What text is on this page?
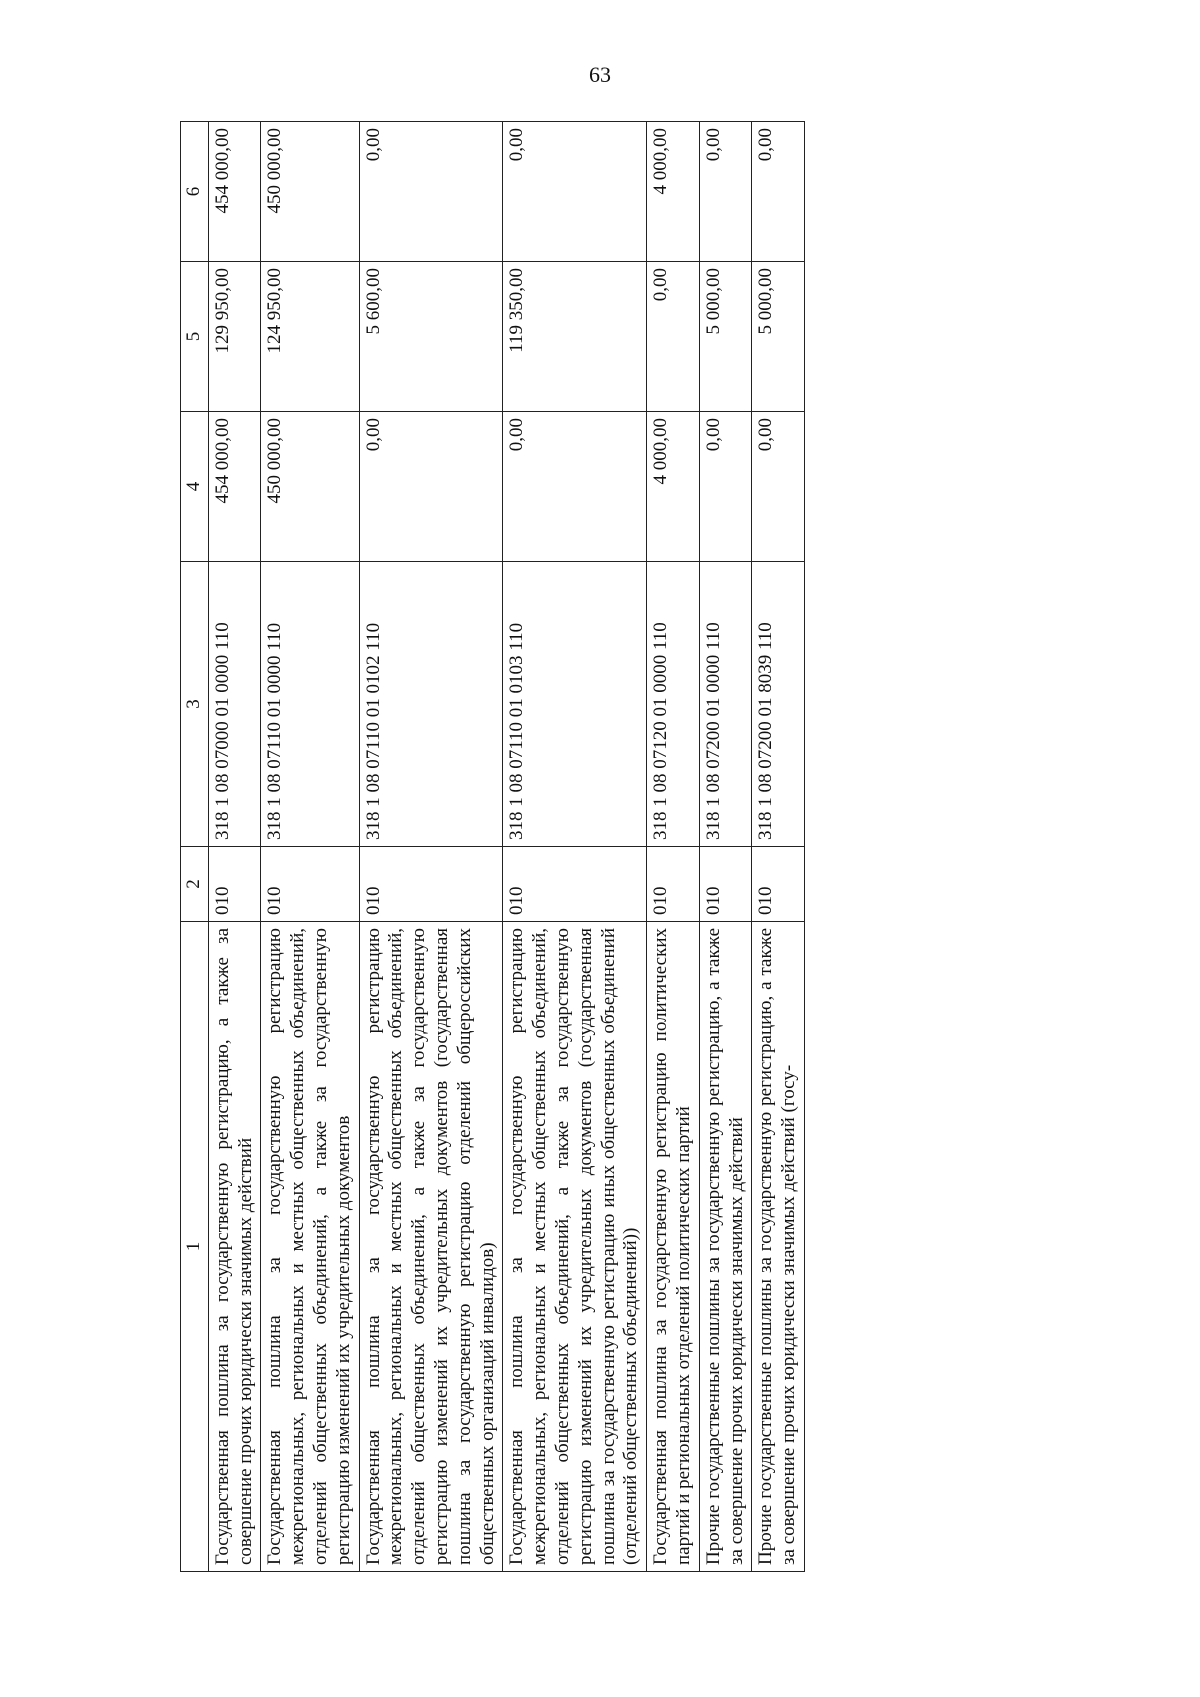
63
1	2	3	4	5	6
Государственная пошлина за государственную регистрацию, а также за совершение прочих юридически значимых действий	010	318 1 08 07000 01 0000 110	454 000,00	129 950,00	454 000,00
Государственная пошлина за государственную регистрацию межрегиональных, региональных и местных общественных объединений, отделений общественных объединений, а также за государственную регистрацию изменений их учредительных документов	010	318 1 08 07110 01 0000 110	450 000,00	124 950,00	450 000,00
Государственная пошлина за государственную регистрацию межрегиональных, региональных и местных общественных объединений, отделений общественных объединений, а также за государственную регистрацию изменений их учредительных документов (государственная пошлина за государственную регистрацию отделений общероссийских общественных организаций инвалидов)	010	318 1 08 07110 01 0102 110	0,00	5 600,00	0,00
Государственная пошлина за государственную регистрацию межрегиональных, региональных и местных общественных объединений, отделений общественных объединений, а также за государственную регистрацию изменений их учредительных документов (государственная пошлина за государственную регистрацию иных общественных объединений (отделений общественных объединений))	010	318 1 08 07110 01 0103 110	0,00	119 350,00	0,00
Государственная пошлина за государственную регистрацию политических партий и региональных отделений политических партий	010	318 1 08 07120 01 0000 110	4 000,00	0,00	4 000,00
Прочие государственные пошлины за государственную регистрацию, а также за совершение прочих юридически значимых действий	010	318 1 08 07200 01 0000 110	0,00	5 000,00	0,00
Прочие государственные пошлины за государственную регистрацию, а также за совершение прочих юридически значимых действий (госу-	010	318 1 08 07200 01 8039 110	0,00	5 000,00	0,00
